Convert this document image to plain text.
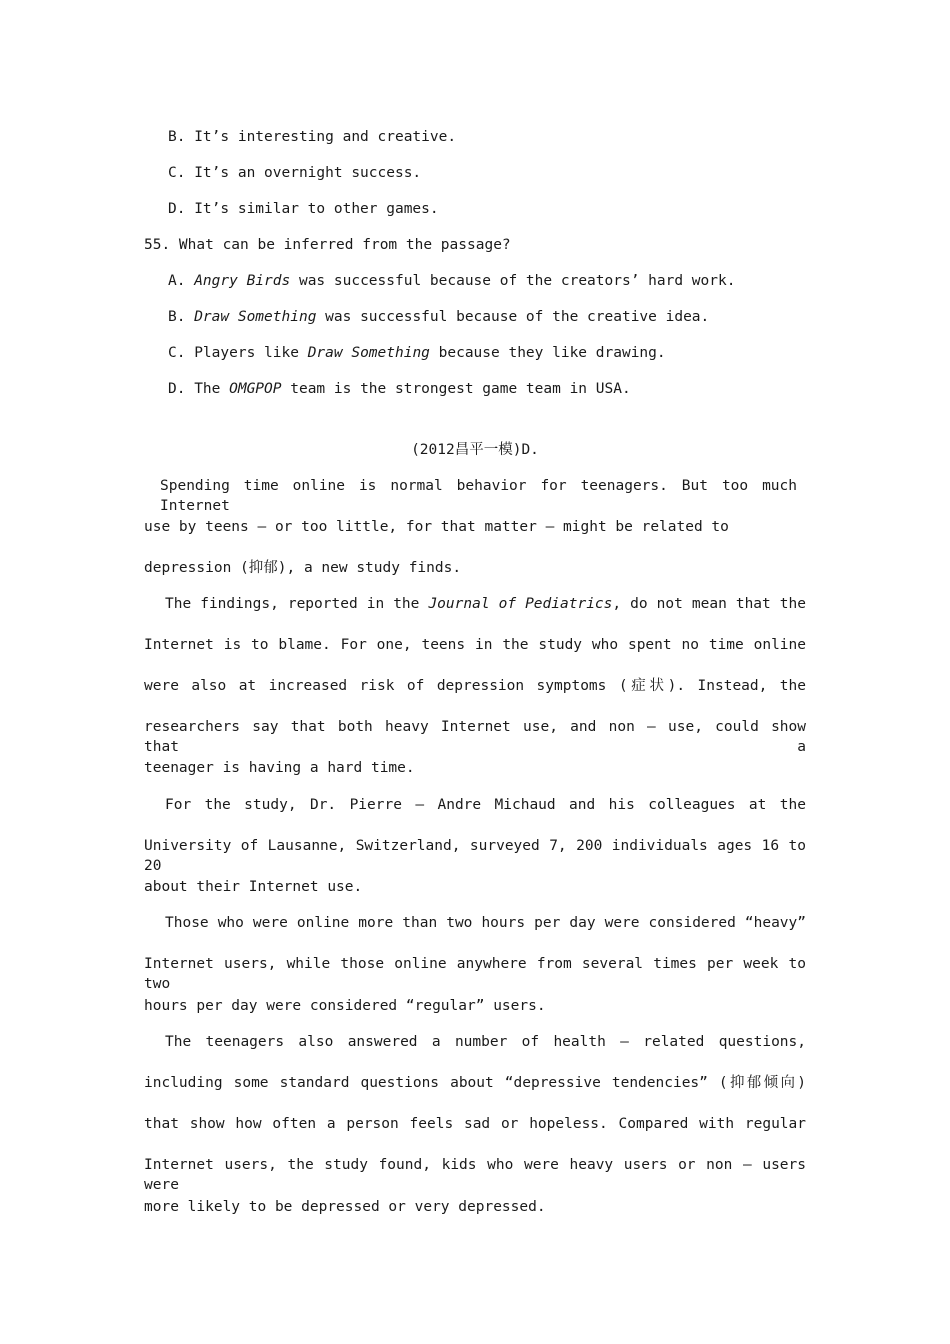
B. It’s interesting and creative.
C. It’s an overnight success.
D. It’s similar to other games.
55. What can be inferred from the passage?
A. Angry Birds was successful because of the creators’ hard work.
B. Draw Something was successful because of the creative idea.
C. Players like Draw Something because they like drawing.
D. The OMGPOP team is the strongest game team in USA.
(2012昌平一模)D.
Spending time online is normal behavior for teenagers. But too much Internet
use by teens – or too little, for that matter – might be related to
depression (抑郁), a new study finds.
The findings, reported in the Journal of Pediatrics, do not mean that the
Internet is to blame. For one, teens in the study who spent no time online
were also at increased risk of depression symptoms (症状). Instead, the
researchers say that both heavy Internet use, and non – use, could show that a
teenager is having a hard time.
For the study, Dr. Pierre – Andre Michaud and his colleagues at the
University of Lausanne, Switzerland, surveyed 7, 200 individuals ages 16 to 20
about their Internet use.
Those who were online more than two hours per day were considered “heavy”
Internet users, while those online anywhere from several times per week to two
hours per day were considered “regular” users.
The teenagers also answered a number of health – related questions,
including some standard questions about “depressive tendencies” (抑郁倾向)
that show how often a person feels sad or hopeless. Compared with regular
Internet users, the study found, kids who were heavy users or non – users were
more likely to be depressed or very depressed.
